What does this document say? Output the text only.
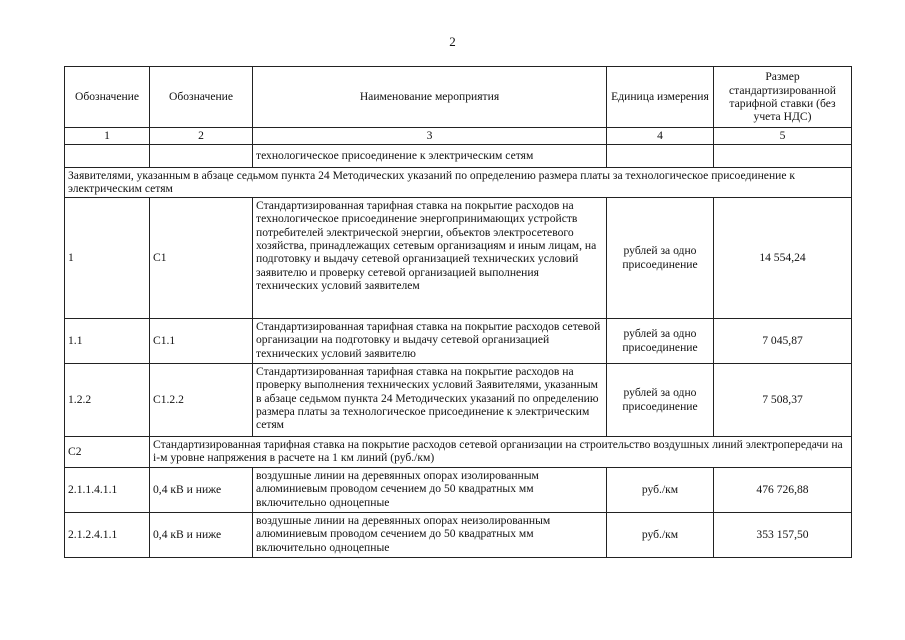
2
Обозначение	Обозначение	Наименование мероприятия	Единица измерения	Размер стандартизированной тарифной ставки (без учета НДС)
1	2	3	4	5
		технологическое присоединение к электрическим сетям		
Заявителями, указанным в абзаце седьмом пункта 24 Методических указаний по определению размера платы за технологическое присоединение к электрическим сетям				
1	C1	Стандартизированная тарифная ставка на покрытие расходов на технологическое присоединение энергопринимающих устройств потребителей электрической энергии, объектов электросетевого хозяйства, принадлежащих сетевым организациям и иным лицам, на подготовку и выдачу сетевой организацией технических условий заявителю и проверку сетевой организацией выполнения технических условий заявителем	рублей за одно присоединение	14 554,24
1.1	C1.1	Стандартизированная тарифная ставка на покрытие расходов сетевой организации на подготовку и выдачу сетевой организацией технических условий заявителю	рублей за одно присоединение	7 045,87
1.2.2	C1.2.2	Стандартизированная тарифная ставка на покрытие расходов на проверку выполнения технических условий Заявителями, указанным в абзаце седьмом пункта 24 Методических указаний по определению размера платы за технологическое присоединение к электрическим сетям	рублей за одно присоединение	7 508,37
C2	Стандартизированная тарифная ставка на покрытие расходов сетевой организации на строительство воздушных линий электропередачи на i-м уровне напряжения в расчете на 1 км линий (руб./км)			
2.1.1.4.1.1	0,4 кВ и ниже	воздушные линии на деревянных опорах изолированным алюминиевым проводом сечением до 50 квадратных мм включительно одноцепные	руб./км	476 726,88
2.1.2.4.1.1	0,4 кВ и ниже	воздушные линии на деревянных опорах неизолированным алюминиевым проводом сечением до 50 квадратных мм включительно одноцепные	руб./км	353 157,50
